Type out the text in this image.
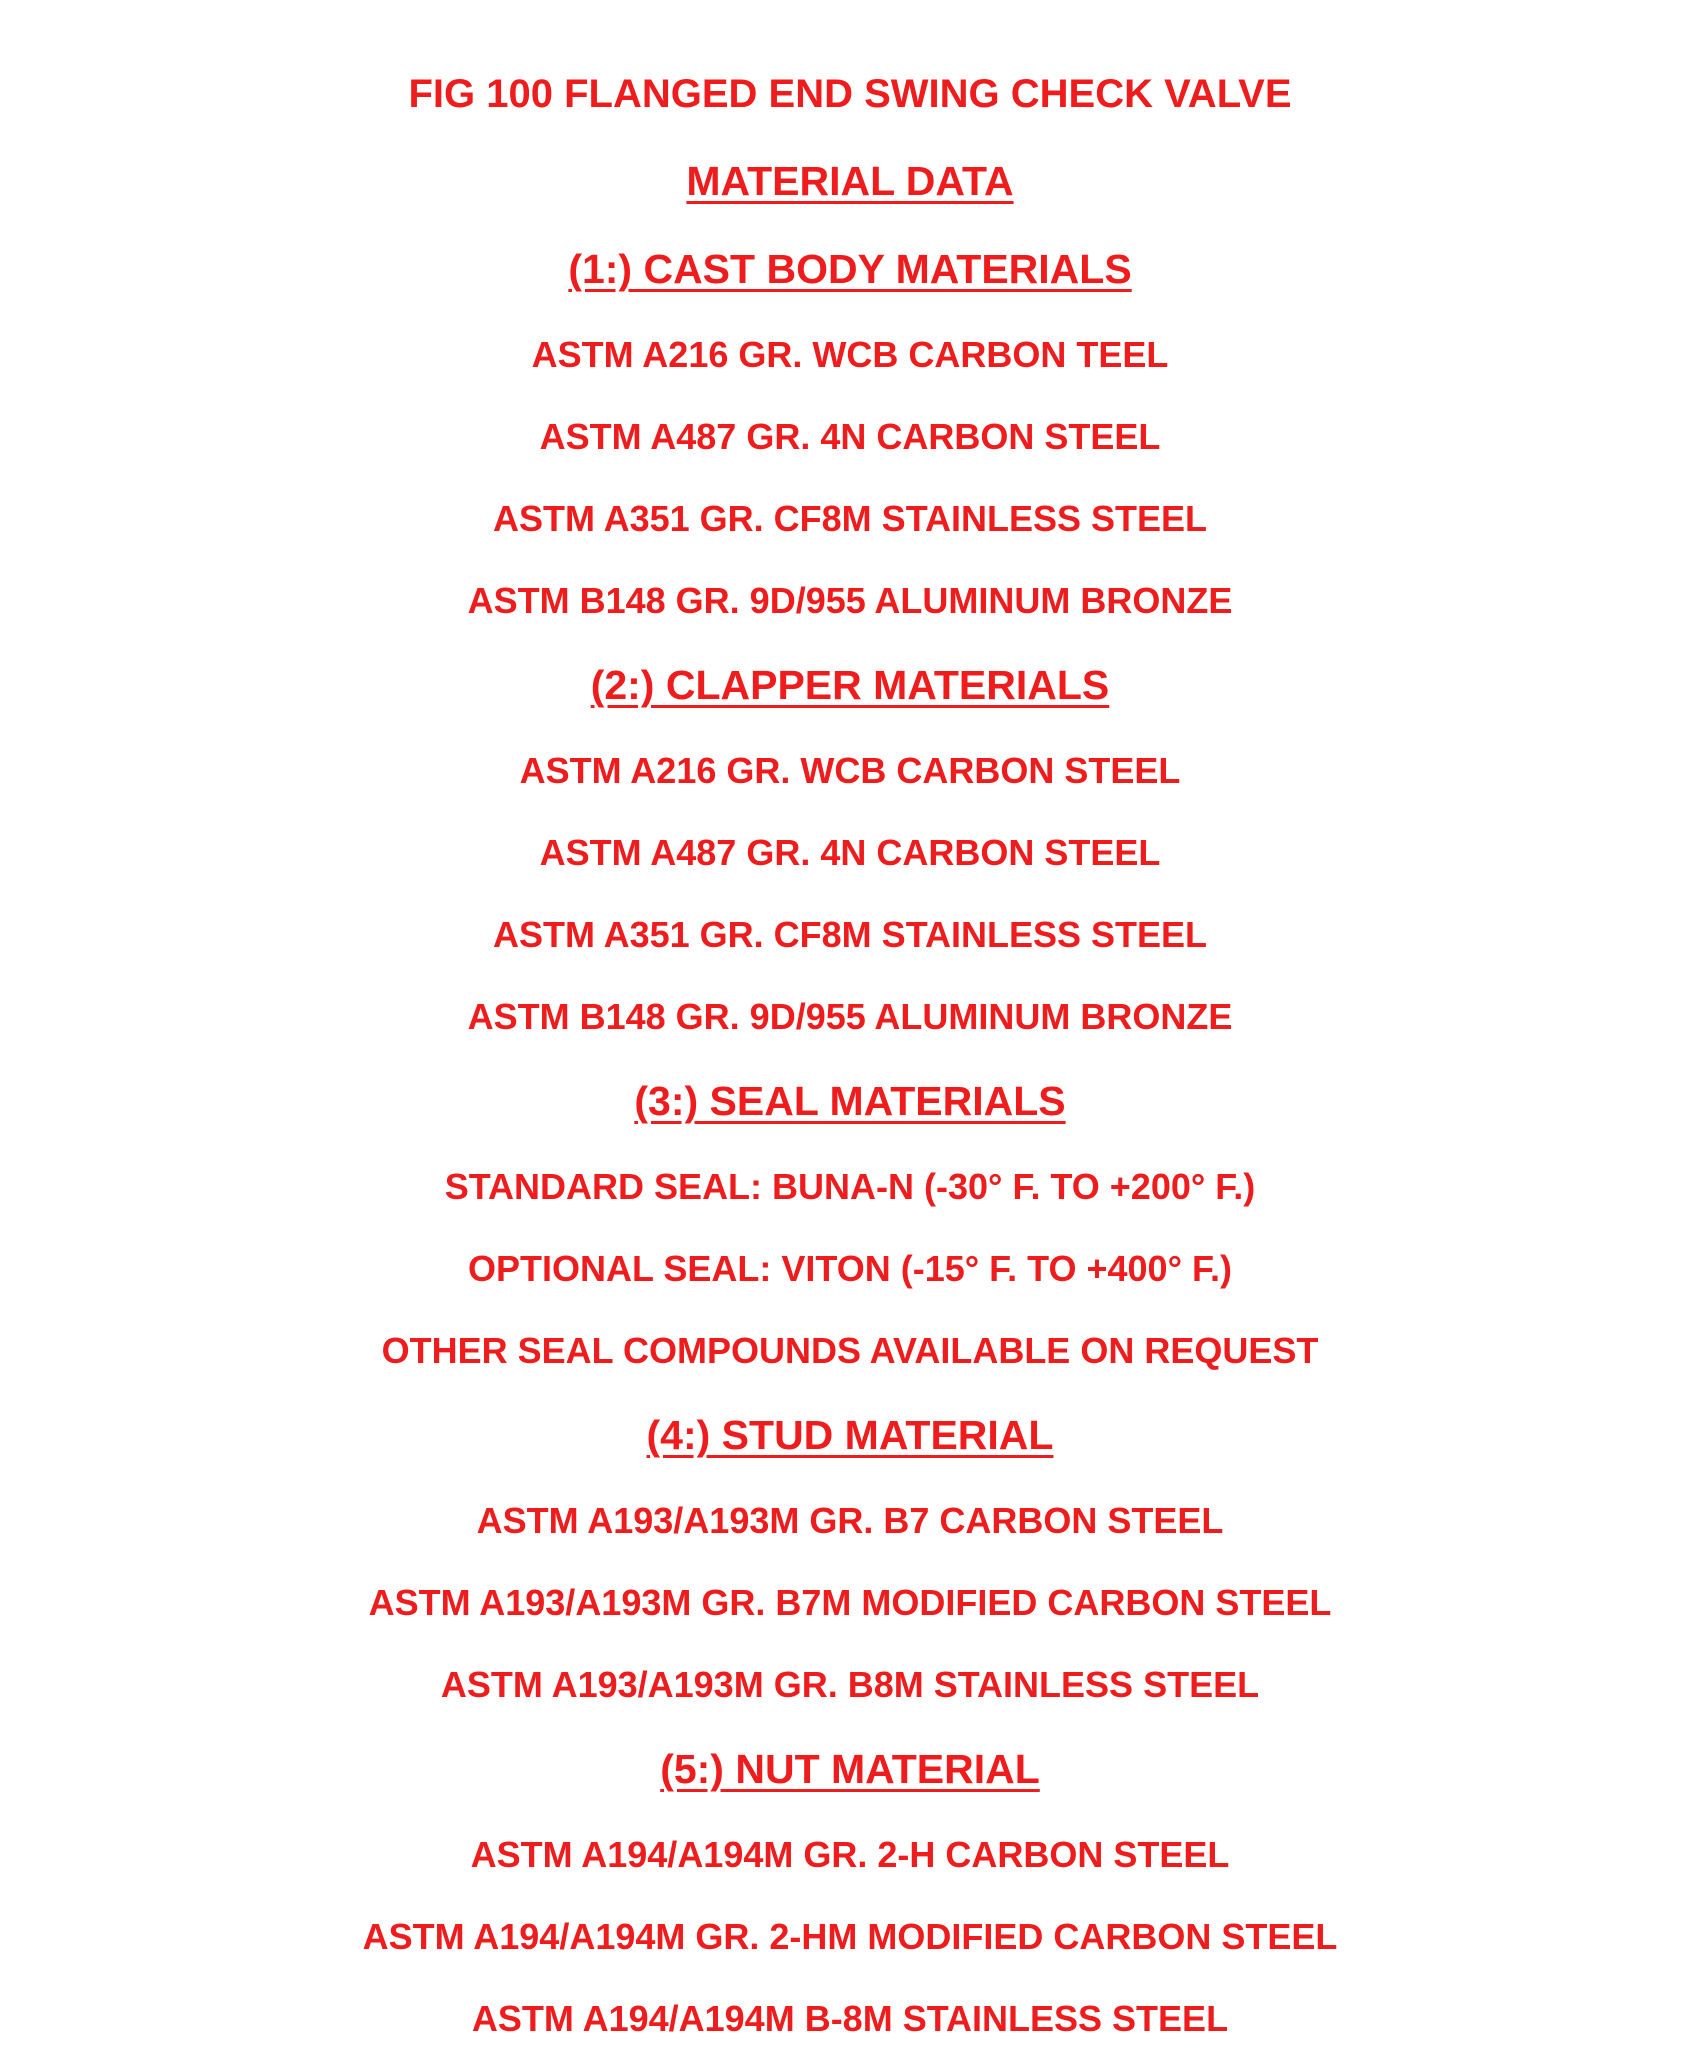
FIG 100 FLANGED END SWING CHECK VALVE
MATERIAL DATA
(1:) CAST BODY MATERIALS
ASTM A216 GR. WCB CARBON TEEL
ASTM A487 GR. 4N CARBON STEEL
ASTM A351 GR. CF8M STAINLESS STEEL
ASTM B148 GR. 9D/955 ALUMINUM BRONZE
(2:) CLAPPER MATERIALS
ASTM A216 GR. WCB CARBON STEEL
ASTM A487 GR. 4N CARBON STEEL
ASTM A351 GR. CF8M STAINLESS STEEL
ASTM B148 GR. 9D/955 ALUMINUM BRONZE
(3:) SEAL MATERIALS
STANDARD SEAL: BUNA-N (-30° F. TO +200° F.)
OPTIONAL SEAL: VITON (-15° F. TO +400° F.)
OTHER SEAL COMPOUNDS AVAILABLE ON REQUEST
(4:) STUD MATERIAL
ASTM A193/A193M GR. B7 CARBON STEEL
ASTM A193/A193M GR. B7M MODIFIED CARBON STEEL
ASTM A193/A193M GR. B8M STAINLESS STEEL
(5:) NUT MATERIAL
ASTM A194/A194M GR. 2-H CARBON STEEL
ASTM A194/A194M GR. 2-HM MODIFIED CARBON STEEL
ASTM A194/A194M B-8M STAINLESS STEEL
